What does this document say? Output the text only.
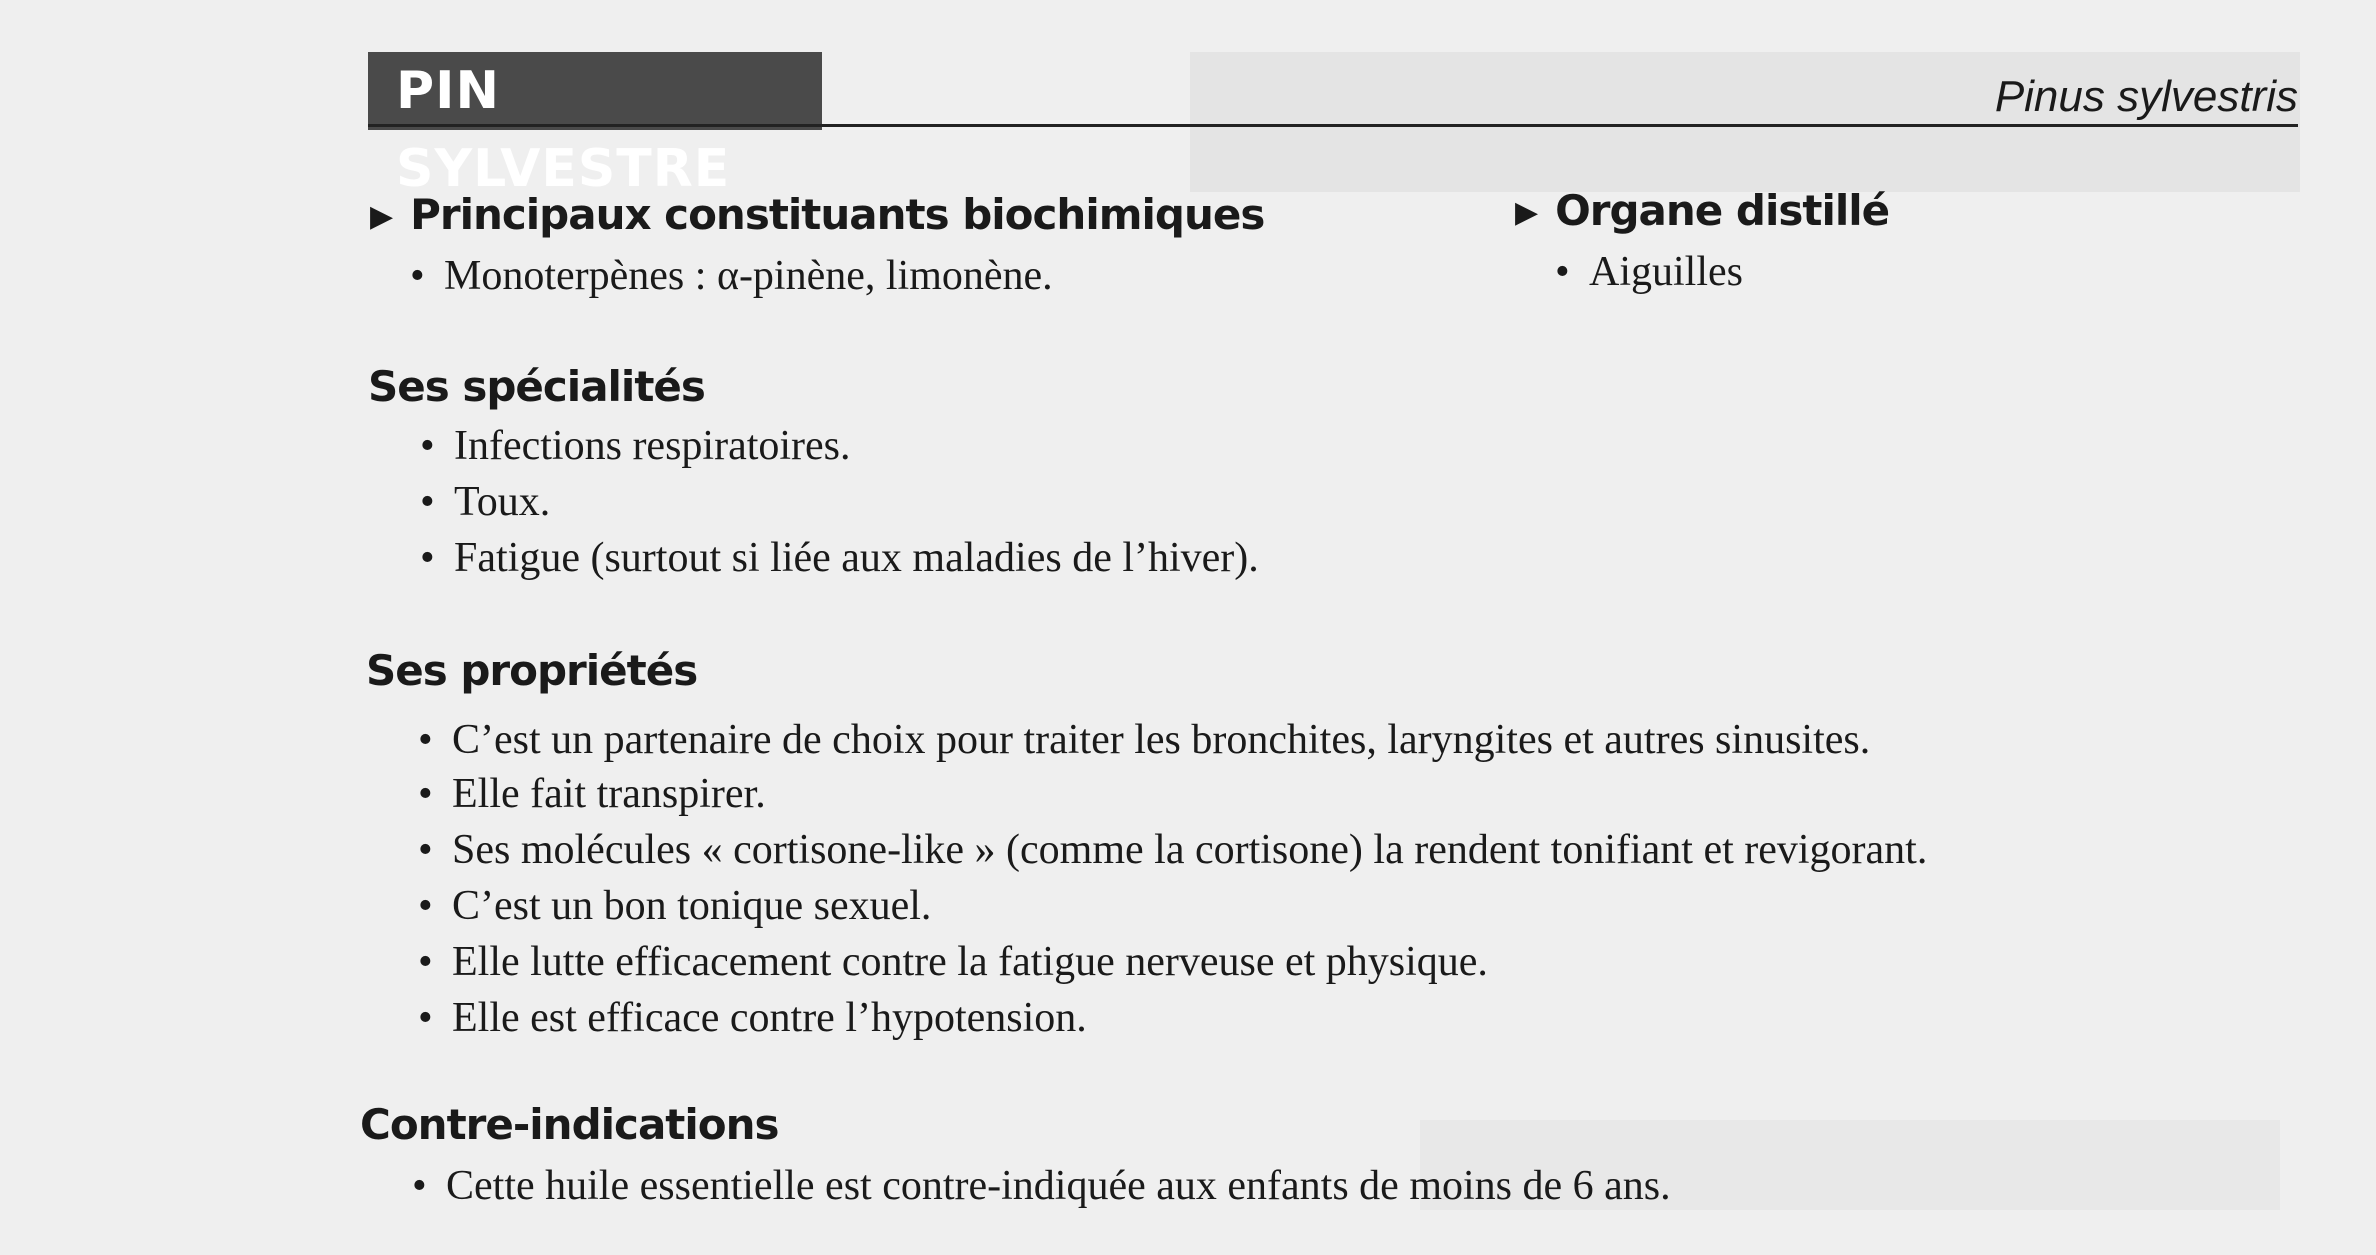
PIN SYLVESTRE
Pinus sylvestris
▶ Principaux constituants biochimiques
• Monoterpènes : α-pinène, limonène.
▶ Organe distillé
• Aiguilles
Ses spécialités
• Infections respiratoires.
• Toux.
• Fatigue (surtout si liée aux maladies de l’hiver).
Ses propriétés
• C’est un partenaire de choix pour traiter les bronchites, laryngites et autres sinusites.
• Elle fait transpirer.
• Ses molécules « cortisone-like » (comme la cortisone) la rendent tonifiant et revigorant.
• C’est un bon tonique sexuel.
• Elle lutte efficacement contre la fatigue nerveuse et physique.
• Elle est efficace contre l’hypotension.
Contre-indications
• Cette huile essentielle est contre-indiquée aux enfants de moins de 6 ans.
